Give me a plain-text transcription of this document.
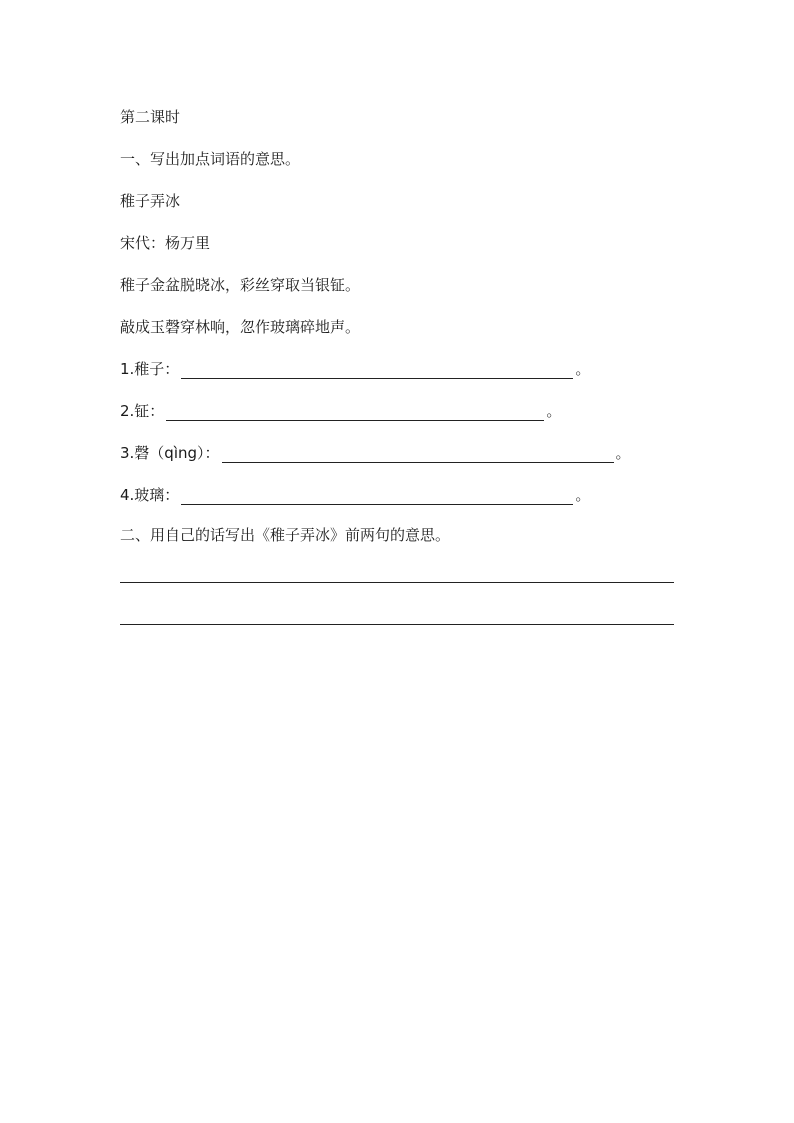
第二课时
一、写出加点词语的意思。
稚子弄冰
宋代：杨万里
稚子金盆脱晓冰，彩丝穿取当银钲。
敲成玉磬穿林响，忽作玻璃碎地声。
1.稚子：	。
2.钲：	。
3.磬（qìng）：	。
4.玻璃：	。
二、用自己的话写出《稚子弄冰》前两句的意思。
